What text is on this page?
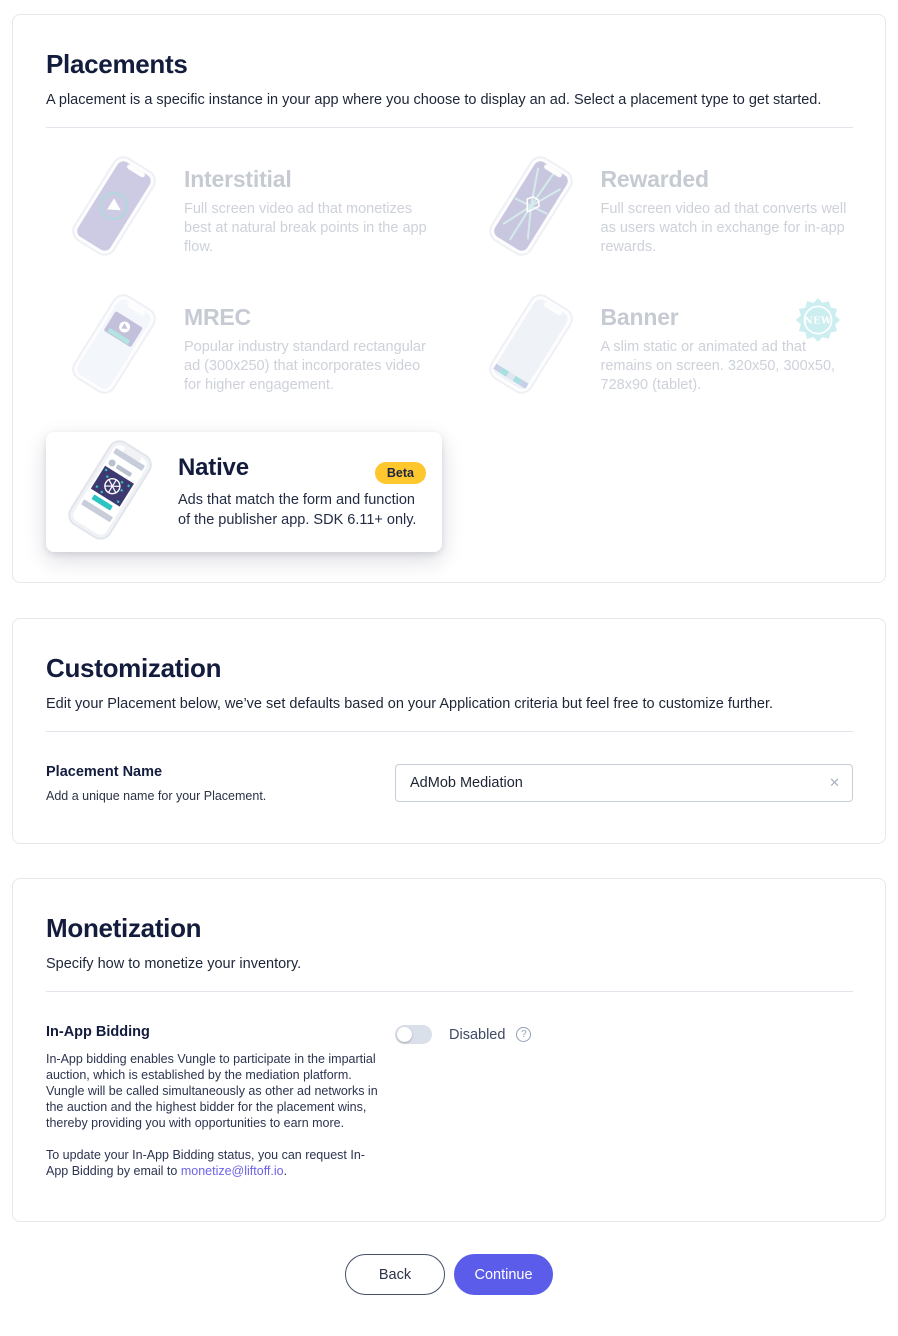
Placements

A placement is a specific instance in your app where you choose to display an ad. Select a placement type to get started.

Interstitial
Full screen video ad that monetizes best at natural break points in the app flow.
Rewarded
Full screen video ad that converts well as users watch in exchange for in-app rewards.
MREC
Popular industry standard rectangular ad (300x250) that incorporates video for higher engagement.
Banner
A slim static or animated ad that remains on screen. 320x50, 300x50, 728x90 (tablet).
NEW
Native
Ads that match the form and function of the publisher app. SDK 6.11+ only.
Beta
Customization

Edit your Placement below, we’ve set defaults based on your Application criteria but feel free to customize further.

Placement Name
Add a unique name for your Placement.
AdMob Mediation
✕
Monetization

Specify how to monetize your inventory.

In-App Bidding

In-App bidding enables Vungle to participate in the impartial auction, which is established by the mediation platform. Vungle will be called simultaneously as other ad networks in the auction and the highest bidder for the placement wins, thereby providing you with opportunities to earn more.

To update your In-App Bidding status, you can request In-App Bidding by email to monetize@liftoff.io.

Disabled	?
Back	Continue
